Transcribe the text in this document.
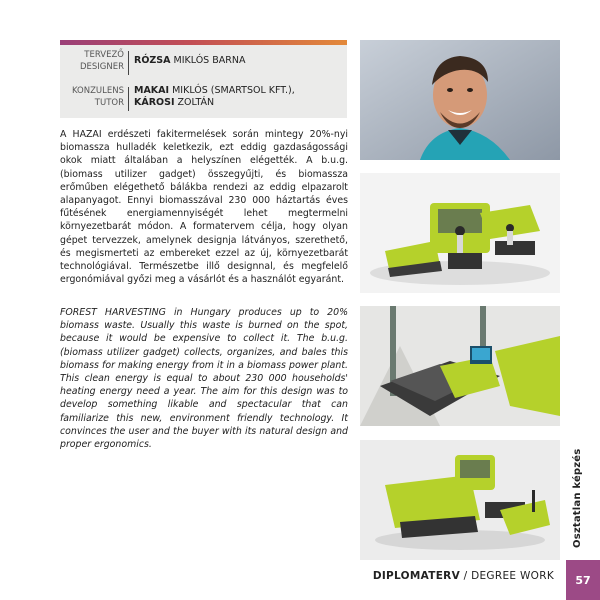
TERVEZŐ
DESIGNER
RÓZSA MIKLÓS BARNA
KONZULENS
TUTOR
MAKAI MIKLÓS (SMARTSOL KFT.),
KÁROSI ZOLTÁN

A HAZAI erdészeti fakitermelések során mintegy 20%-nyi biomassza hulladék keletkezik, ezt eddig gazdaságossági okok miatt általában a helyszínen elégették. A b.u.g. (biomass utilizer gadget) összegyűjti, és biomassza erőműben elégethető bálákba rendezi az eddig elpazarolt alapanyagot. Ennyi biomasszával 230 000 háztartás éves fűtésének energiamennyiségét lehet megtermelni környezetbarát módon. A formatervem célja, hogy olyan gépet tervezzek, amelynek designja látványos, szerethető, és megismerteti az embereket ezzel az új, környezetbarát technológiával. Természetbe illő designnal, és megfelelő ergonómiával győzi meg a vásárlót és a használót egyaránt.

FOREST HARVESTING in Hungary produces up to 20% biomass waste. Usually this waste is burned on the spot, because it would be expensive to collect it. The b.u.g. (biomass utilizer gadget) collects, organizes, and bales this biomass for making energy from it in a biomass power plant. This clean energy is equal to about 230 000 households' heating energy need a year. The aim for this design was to develop something likable and spectacular that can familiarize this new, environment friendly technology. It convinces the user and the buyer with its natural design and proper ergonomics.

Osztatlan képzés
DIPLOMATERV / DEGREE WORK	57
